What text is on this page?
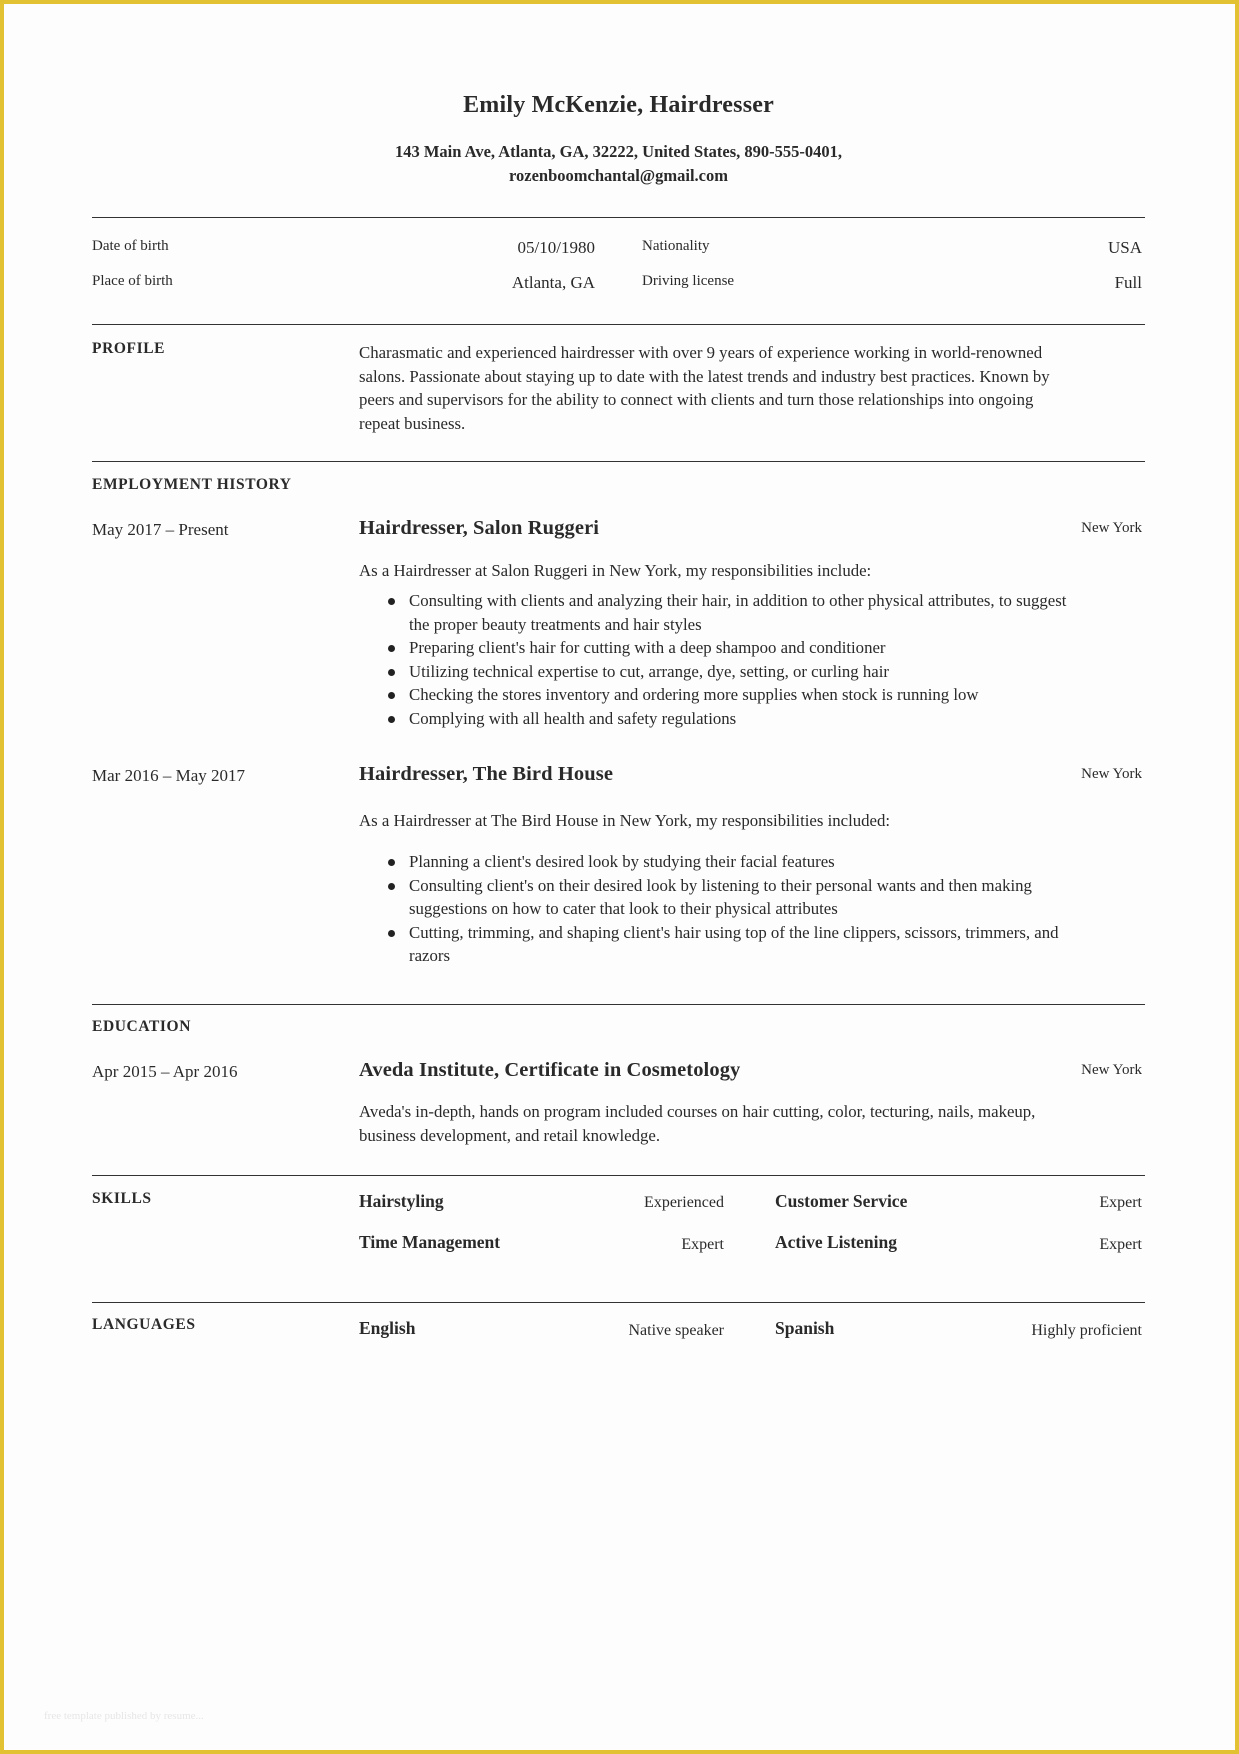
Emily McKenzie, Hairdresser
143 Main Ave, Atlanta, GA, 32222, United States, 890-555-0401,
rozenboomchantal@gmail.com
Date of birth	05/10/1980	Nationality	USA
Place of birth	Atlanta, GA	Driving license	Full
PROFILE	Charasmatic and experienced hairdresser with over 9 years of experience working in world-renowned
salons. Passionate about staying up to date with the latest trends and industry best practices. Known by
peers and supervisors for the ability to connect with clients and turn those relationships into ongoing
repeat business.
EMPLOYMENT HISTORY
May 2017 – Present	Hairdresser, Salon Ruggeri	New York
As a Hairdresser at Salon Ruggeri in New York, my responsibilities include:
Consulting with clients and analyzing their hair, in addition to other physical attributes, to suggest
the proper beauty treatments and hair styles
Preparing client's hair for cutting with a deep shampoo and conditioner
Utilizing technical expertise to cut, arrange, dye, setting, or curling hair
Checking the stores inventory and ordering more supplies when stock is running low
Complying with all health and safety regulations
Mar 2016 – May 2017	Hairdresser, The Bird House	New York
As a Hairdresser at The Bird House in New York, my responsibilities included:
Planning a client's desired look by studying their facial features
Consulting client's on their desired look by listening to their personal wants and then making
suggestions on how to cater that look to their physical attributes
Cutting, trimming, and shaping client's hair using top of the line clippers, scissors, trimmers, and
razors
EDUCATION
Apr 2015 – Apr 2016	Aveda Institute, Certificate in Cosmetology	New York
Aveda's in-depth, hands on program included courses on hair cutting, color, tecturing, nails, makeup,
business development, and retail knowledge.
SKILLS	Hairstyling	Experienced	Customer Service	Expert
Time Management	Expert	Active Listening	Expert
LANGUAGES	English	Native speaker	Spanish	Highly proficient
free template published by resume...
